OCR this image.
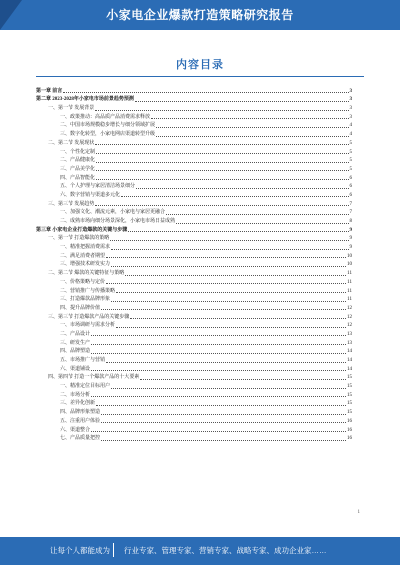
小家电企业爆款打造策略研究报告
内容目录
第一章 前言	3
第二章 2023-2028年小家电市场前景趋势预测	3
一、第一节 发展背景	3
一、政策推动：高品质产品消费需求释放	3
二、中国市场规模稳步增长与细分领域扩展	4
三、数字化转型，小家电网店渠道转型升级	4
二、第二节 发展现状	5
一、个性化定制	5
二、产品健康化	5
三、产品美学化	5
四、产品智能化	6
五、个人护理与家居清洁场景细分	6
六、数字营销与渠道多元化	6
三、第三节 发展趋势	7
一、加强文化、潮流元素，小家电与家居更融合	7
二、成熟市场向细分场景深化，小家电市场日益成熟	8
第三章 小家电企业打造爆款的关键与步骤	9
一、第一节 打造爆款的策略	9
一、精准把握消费需求	9
二、满足消费者期望	10
三、增强技术研发实力	10
二、第二节 爆款的关键特征与策略	11
一、价格策略与定价	11
二、营销推广与传播策略	11
三、打造爆款品牌形象	11
四、提升品牌价值	12
三、第三节 打造爆款产品的关键步骤	12
一、市场调研与需求分析	12
二、产品设计	13
三、研发生产	13
四、品牌塑造	14
五、市场推广与营销	14
六、渠道铺设	14
四、第四节 打造一个爆款产品的十大要素	15
一、精准定位目标用户	15
二、市场分析	15
三、差异化创新	15
四、品牌形象塑造	15
五、注重用户体验	16
六、渠道整合	16
七、产品质量把控	16
1
让每个人都能成为 行业专家、管理专家、营销专家、战略专家、成功企业家……
